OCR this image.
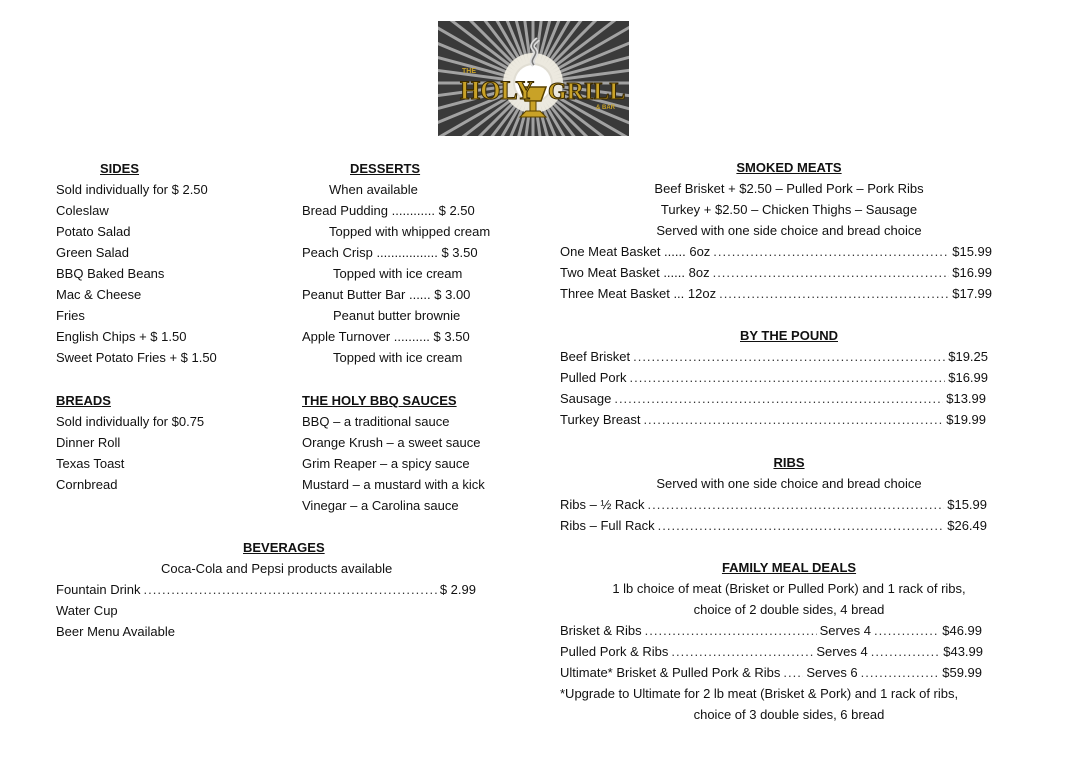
THE
HOLY GRILL
& BAR
SIDES
Sold individually for $ 2.50
Coleslaw
Potato Salad
Green Salad
BBQ Baked Beans
Mac & Cheese
Fries
English Chips + $ 1.50
Sweet Potato Fries + $ 1.50
BREADS
Sold individually for $0.75
Dinner Roll
Texas Toast
Cornbread
DESSERTS
When available
Bread Pudding ............ $ 2.50
Topped with whipped cream
Peach Crisp ................. $ 3.50
Topped with ice cream
Peanut Butter Bar ...... $ 3.00
Peanut butter brownie
Apple Turnover .......... $ 3.50
Topped with ice cream
THE HOLY BBQ SAUCES
BBQ – a traditional sauce
Orange Krush – a sweet sauce
Grim Reaper – a spicy sauce
Mustard – a mustard with a kick
Vinegar – a Carolina sauce
BEVERAGES
Coca-Cola and Pepsi products available
Fountain Drink .....	$ 2.99
Water Cup
Beer Menu Available
SMOKED MEATS
Beef Brisket + $2.50 – Pulled Pork – Pork Ribs
Turkey + $2.50 – Chicken Thighs – Sausage
Served with one side choice and bread choice
One Meat Basket ...... 6oz .....	$15.99
Two Meat Basket ...... 8oz .....	$16.99
Three Meat Basket ... 12oz .....	$17.99
BY THE POUND
Beef Brisket .....	$19.25
Pulled Pork .....	$16.99
Sausage .....	$13.99
Turkey Breast .....	$19.99
RIBS
Served with one side choice and bread choice
Ribs – ½ Rack .....	$15.99
Ribs – Full Rack .....	$26.49
FAMILY MEAL DEALS
1 lb choice of meat (Brisket or Pulled Pork) and 1 rack of ribs,
choice of 2 double sides, 4 bread
Brisket & Ribs .....	Serves 4 .....	$46.99
Pulled Pork & Ribs .....	Serves 4 .....	$43.99
Ultimate* Brisket & Pulled Pork & Ribs ..... Serves 6 .....	$59.99
*Upgrade to Ultimate for 2 lb meat (Brisket & Pork) and 1 rack of ribs,
choice of 3 double sides, 6 bread
